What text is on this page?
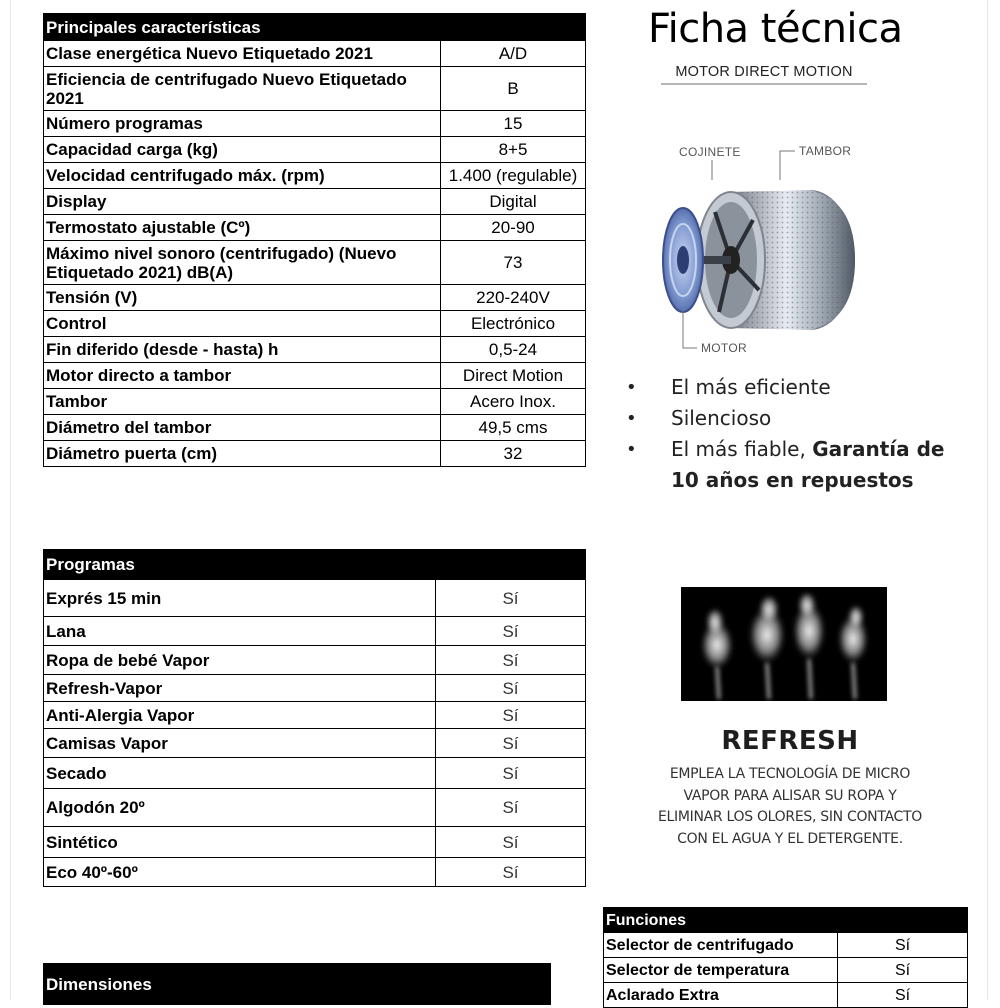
Principales características	
Clase energética Nuevo Etiquetado 2021	A/D
Eficiencia de centrifugado Nuevo Etiquetado 2021	B
Número programas	15
Capacidad carga (kg)	8+5
Velocidad centrifugado máx. (rpm)	1.400 (regulable)
Display	Digital
Termostato ajustable (Cº)	20-90
Máximo nivel sonoro (centrifugado) (Nuevo Etiquetado 2021) dB(A)	73
Tensión (V)	220-240V
Control	Electrónico
Fin diferido (desde - hasta) h	0,5-24
Motor directo a tambor	Direct Motion
Tambor	Acero Inox.
Diámetro del tambor	49,5 cms
Diámetro puerta (cm)	32
Programas	
Exprés 15 min	Sí
Lana	Sí
Ropa de bebé Vapor	Sí
Refresh-Vapor	Sí
Anti-Alergia Vapor	Sí
Camisas Vapor	Sí
Secado	Sí
Algodón 20º	Sí
Sintético	Sí
Eco 40º-60º	Sí
Funciones	
Selector de centrifugado	Sí
Selector de temperatura	Sí
Aclarado Extra	Sí
Dimensiones
Ficha técnica
MOTOR DIRECT MOTION
COJINETE	TAMBOR
MOTOR
• El más eficiente
• Silencioso
• El más fiable, Garantía de 10 años en repuestos
REFRESH
EMPLEA LA TECNOLOGÍA DE MICRO VAPOR PARA ALISAR SU ROPA Y ELIMINAR LOS OLORES, SIN CONTACTO CON EL AGUA Y EL DETERGENTE.
